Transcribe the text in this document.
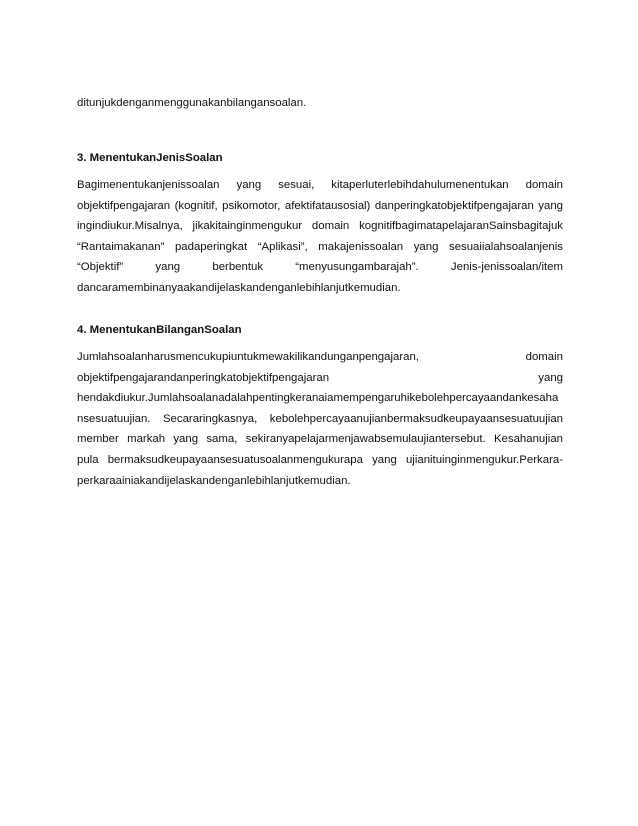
ditunjukdenganmenggunakanbilangansoalan.
3. MenentukanJenisSoalan
Bagimenentukanjenissoalan yang sesuai, kitaperluterlebihdahulumenentukan domain
objektifpengajaran (kognitif, psikomotor, afektifatausosial) danperingkatobjektifpengajaran yang
ingindiukur.Misalnya, jikakitainginmengukur domain kognitifbagimatapelajaranSainsbagitajuk
“Rantaimakanan” padaperingkat “Aplikasi”, makajenissoalan yang sesuaiialahsoalanjenis
“Objektif” yang berbentuk “menyusungambarajah”. Jenis-jenissoalan/item
dancaramembinanyaakandijelaskandenganlebihlanjutkemudian.
4. MenentukanBilanganSoalan
Jumlahsoalanharusmencukupiuntukmewakilikandunganpengajaran,	domain
objektifpengajarandanperingkatobjektifpengajaran	yang
hendakdiukur.Jumlahsoalanadalahpentingkeranaiamempengaruhikebolehpercayaandankesaha
nsesuatuujian. Secararingkasnya, kebolehpercayaanujianbermaksudkeupayaansesuatuujian
member markah yang sama, sekiranyapelajarmenjawabsemulaujiantersebut. Kesahanujian
pula bermaksudkeupayaansesuatusoalanmengukurapa yang ujianituinginmengukur.Perkara-
perkaraainiakandijelaskandenganlebihlanjutkemudian.
